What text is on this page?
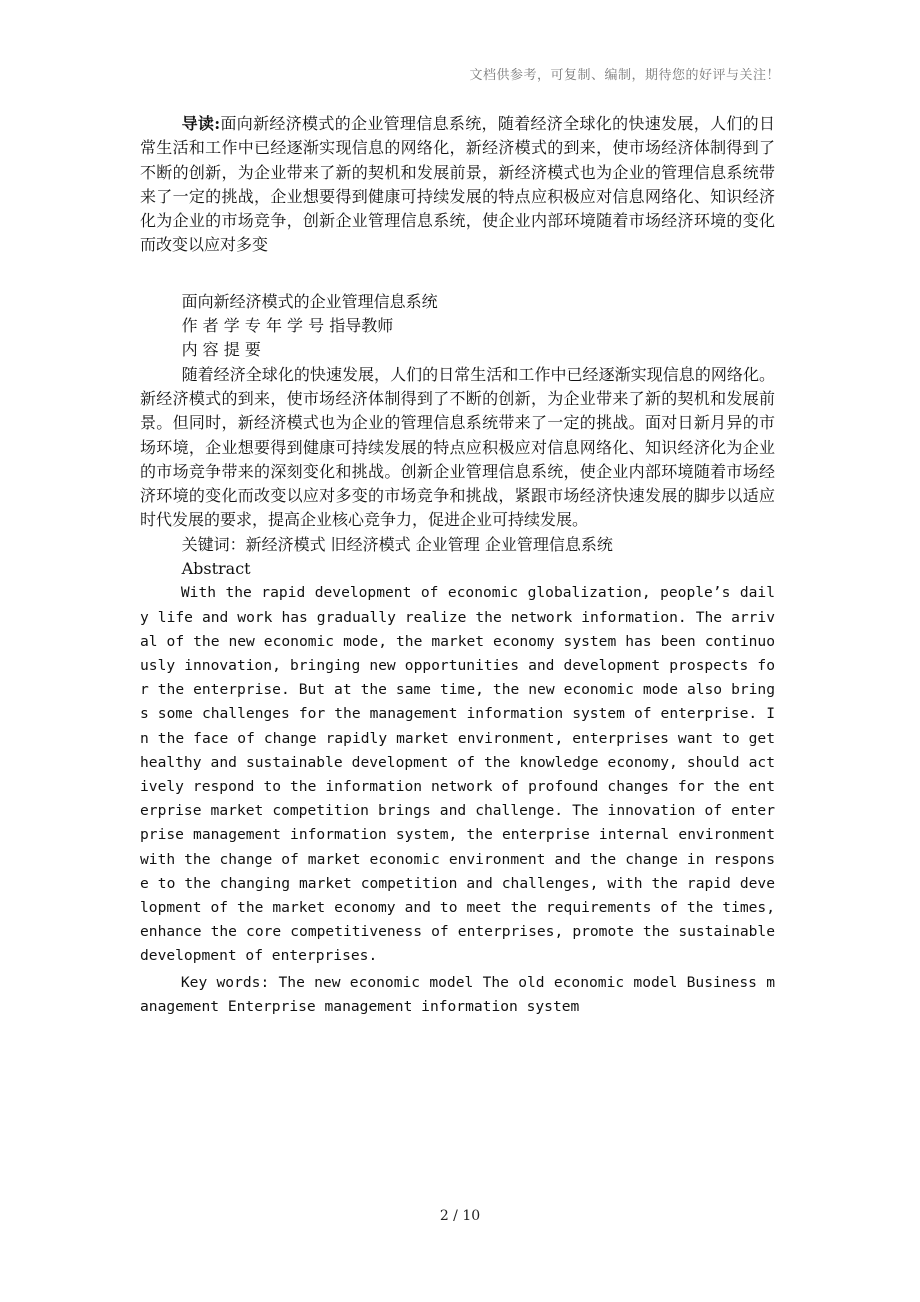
文档供参考，可复制、编制，期待您的好评与关注！

导读:面向新经济模式的企业管理信息系统，随着经济全球化的快速发展，人们的日常生活和工作中已经逐渐实现信息的网络化，新经济模式的到来，使市场经济体制得到了不断的创新，为企业带来了新的契机和发展前景，新经济模式也为企业的管理信息系统带来了一定的挑战，企业想要得到健康可持续发展的特点应积极应对信息网络化、知识经济化为企业的市场竞争，创新企业管理信息系统，使企业内部环境随着市场经济环境的变化而改变以应对多变

面向新经济模式的企业管理信息系统

作 者 学 专 年 学 号 指导教师

内 容 提 要

随着经济全球化的快速发展，人们的日常生活和工作中已经逐渐实现信息的网络化。新经济模式的到来，使市场经济体制得到了不断的创新，为企业带来了新的契机和发展前景。但同时，新经济模式也为企业的管理信息系统带来了一定的挑战。面对日新月异的市场环境，企业想要得到健康可持续发展的特点应积极应对信息网络化、知识经济化为企业的市场竞争带来的深刻变化和挑战。创新企业管理信息系统，使企业内部环境随着市场经济环境的变化而改变以应对多变的市场竞争和挑战，紧跟市场经济快速发展的脚步以适应时代发展的要求，提高企业核心竞争力，促进企业可持续发展。

关键词：新经济模式 旧经济模式 企业管理 企业管理信息系统

Abstract

With the rapid development of economic globalization, people’s daily life and work has gradually realize the network information. The arrival of the new economic mode, the market economy system has been continuously innovation, bringing new opportunities and development prospects for the enterprise. But at the same time, the new economic mode also brings some challenges for the management information system of enterprise. In the face of change rapidly market environment, enterprises want to get healthy and sustainable development of the knowledge economy, should actively respond to the information network of profound changes for the enterprise market competition brings and challenge. The innovation of enterprise management information system, the enterprise internal environment with the change of market economic environment and the change in response to the changing market competition and challenges, with the rapid development of the market economy and to meet the requirements of the times, enhance the core competitiveness of enterprises, promote the sustainable development of enterprises.

Key words: The new economic model The old economic model Business management Enterprise management information system

2 / 10
